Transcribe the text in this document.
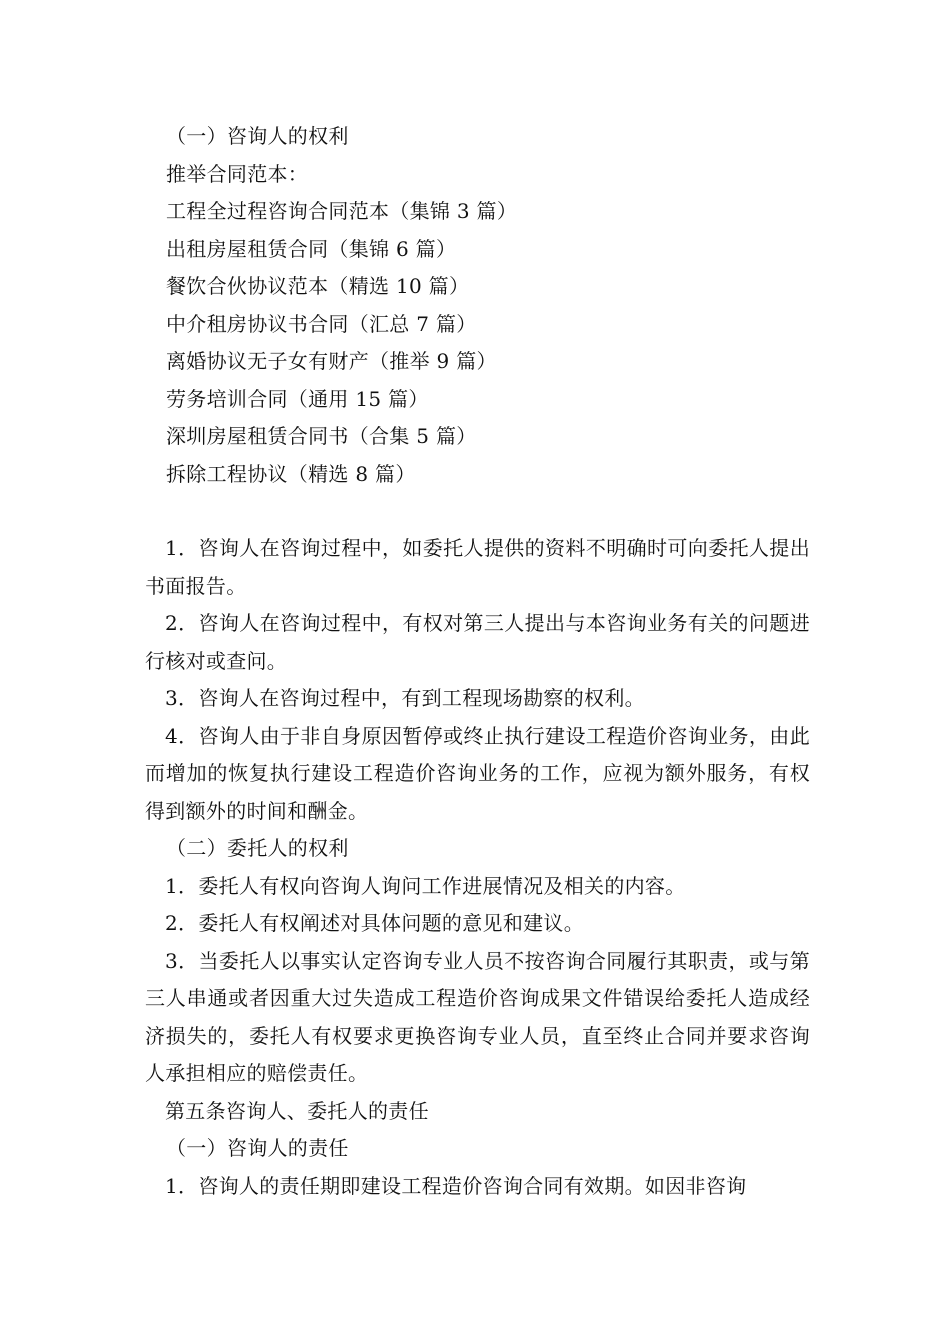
（一）咨询人的权利

推举合同范本：

工程全过程咨询合同范本（集锦 3 篇）

出租房屋租赁合同（集锦 6 篇）

餐饮合伙协议范本（精选 10 篇）

中介租房协议书合同（汇总 7 篇）

离婚协议无子女有财产（推举 9 篇）

劳务培训合同（通用 15 篇）

深圳房屋租赁合同书（合集 5 篇）

拆除工程协议（精选 8 篇）

1．咨询人在咨询过程中，如委托人提供的资料不明确时可向委托人提出书面报告。

2．咨询人在咨询过程中，有权对第三人提出与本咨询业务有关的问题进行核对或查问。

3．咨询人在咨询过程中，有到工程现场勘察的权利。

4．咨询人由于非自身原因暂停或终止执行建设工程造价咨询业务，由此而增加的恢复执行建设工程造价咨询业务的工作，应视为额外服务，有权得到额外的时间和酬金。

（二）委托人的权利

1．委托人有权向咨询人询问工作进展情况及相关的内容。

2．委托人有权阐述对具体问题的意见和建议。

3．当委托人以事实认定咨询专业人员不按咨询合同履行其职责，或与第三人串通或者因重大过失造成工程造价咨询成果文件错误给委托人造成经济损失的，委托人有权要求更换咨询专业人员，直至终止合同并要求咨询人承担相应的赔偿责任。

第五条咨询人、委托人的责任

（一）咨询人的责任

1．咨询人的责任期即建设工程造价咨询合同有效期。如因非咨询
